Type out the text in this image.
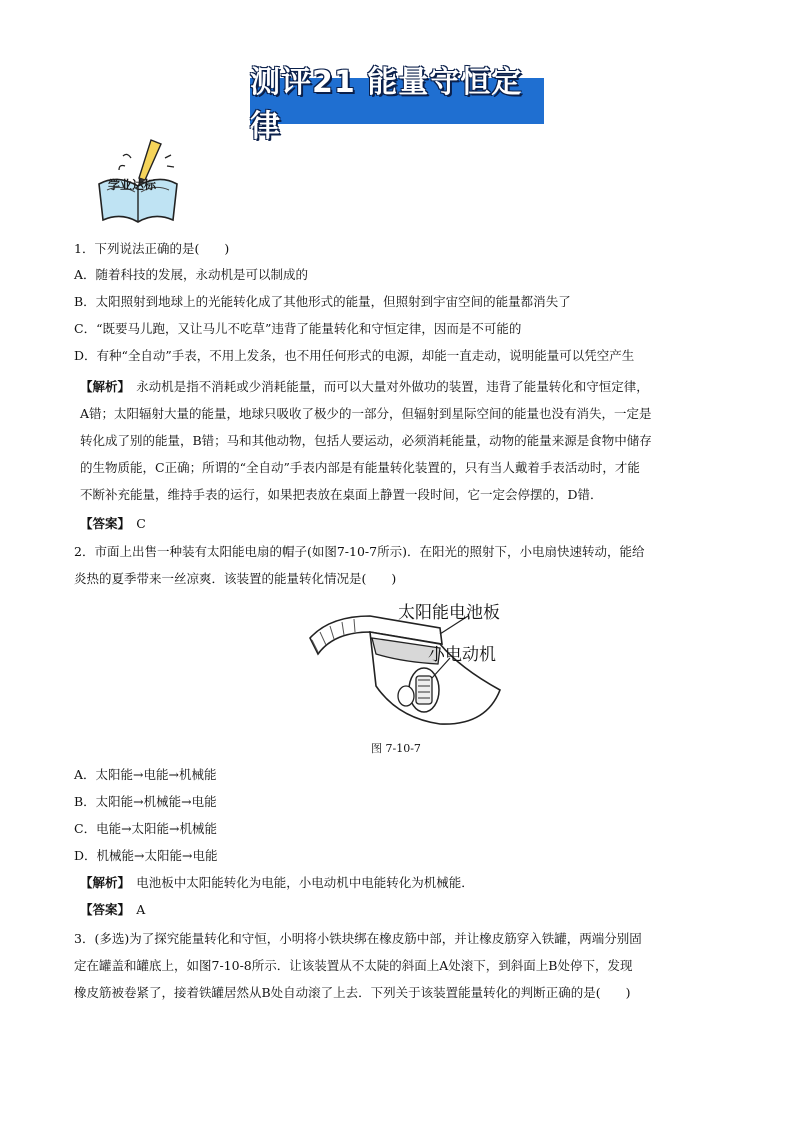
测评21 能量守恒定律
学业达标
1．下列说法正确的是(　　)
A．随着科技的发展，永动机是可以制成的
B．太阳照射到地球上的光能转化成了其他形式的能量，但照射到宇宙空间的能量都消失了
C．“既要马儿跑，又让马儿不吃草”违背了能量转化和守恒定律，因而是不可能的
D．有种“全自动”手表，不用上发条，也不用任何形式的电源，却能一直走动，说明能量可以凭空产生
【解析】　永动机是指不消耗或少消耗能量，而可以大量对外做功的装置，违背了能量转化和守恒定律，
A错；太阳辐射大量的能量，地球只吸收了极少的一部分，但辐射到星际空间的能量也没有消失，一定是
转化成了别的能量，B错；马和其他动物，包括人要运动，必须消耗能量，动物的能量来源是食物中储存
的生物质能，C正确；所谓的“全自动”手表内部是有能量转化装置的，只有当人戴着手表活动时，才能
不断补充能量，维持手表的运行，如果把表放在桌面上静置一段时间，它一定会停摆的，D错．
【答案】　C
2．市面上出售一种装有太阳能电扇的帽子(如图7-10-7所示)．在阳光的照射下，小电扇快速转动，能给
炎热的夏季带来一丝凉爽．该装置的能量转化情况是(　　)
太阳能电池板
小电动机
图 7-10-7
A．太阳能→电能→机械能
B．太阳能→机械能→电能
C．电能→太阳能→机械能
D．机械能→太阳能→电能
【解析】　电池板中太阳能转化为电能，小电动机中电能转化为机械能．
【答案】　A
3．(多选)为了探究能量转化和守恒，小明将小铁块绑在橡皮筋中部，并让橡皮筋穿入铁罐，两端分别固
定在罐盖和罐底上，如图7-10-8所示．让该装置从不太陡的斜面上A处滚下，到斜面上B处停下，发现
橡皮筋被卷紧了，接着铁罐居然从B处自动滚了上去．下列关于该装置能量转化的判断正确的是(　　)
